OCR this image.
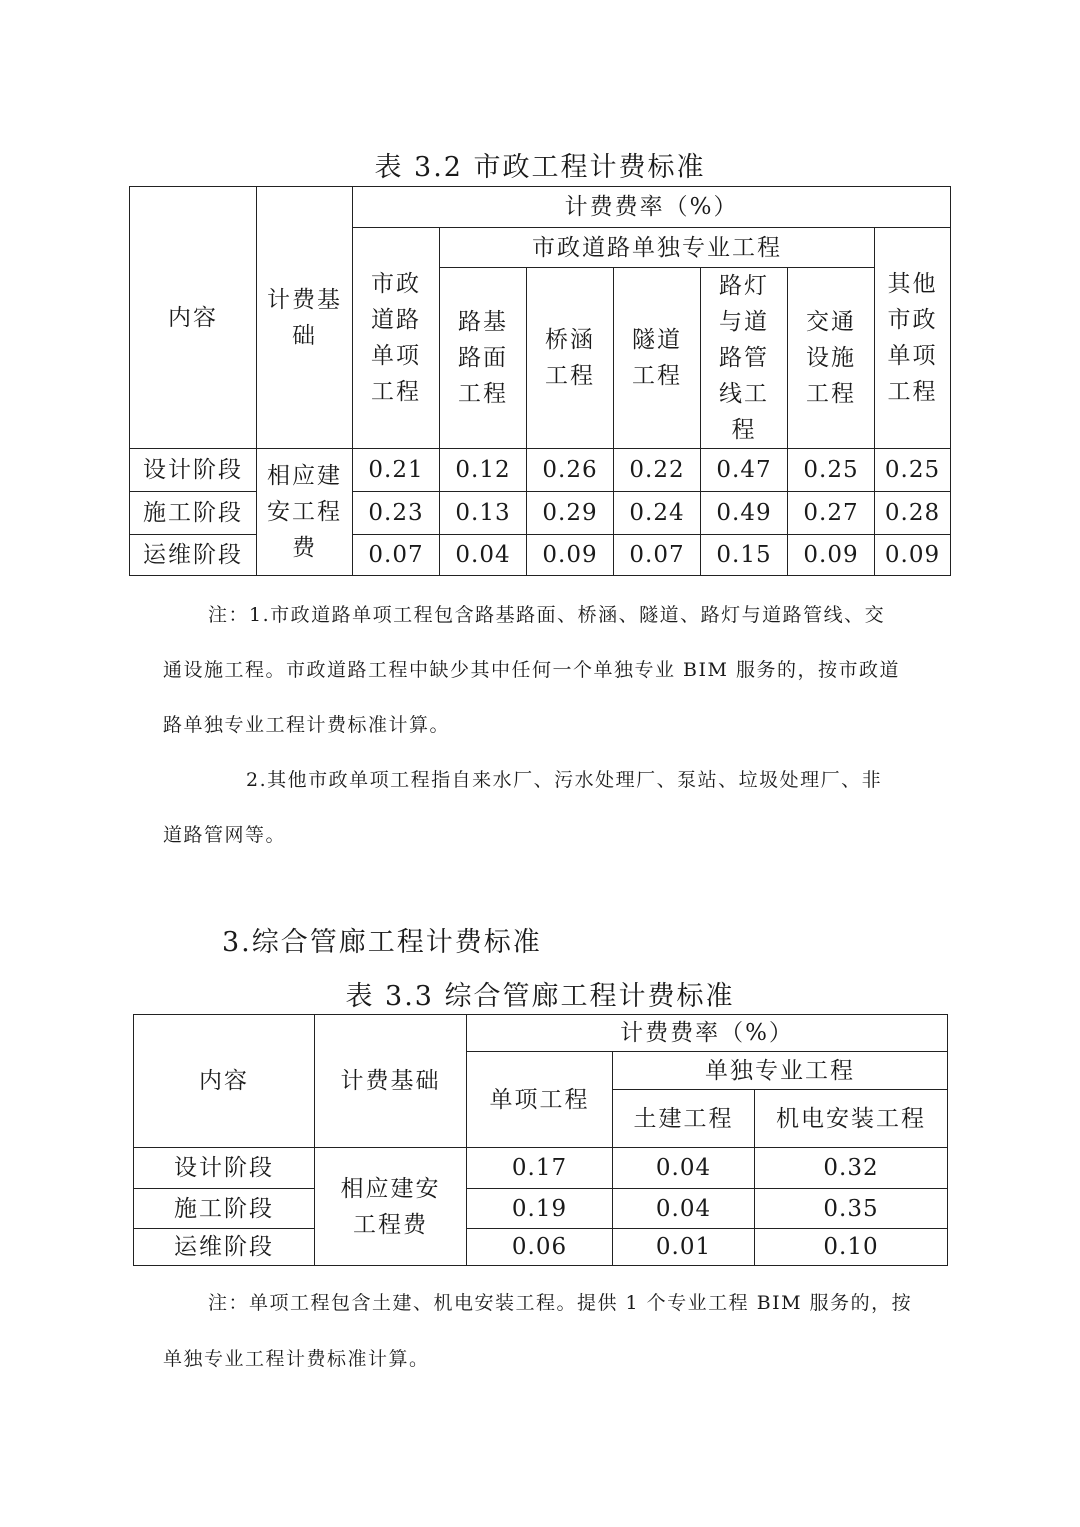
表 3.2 市政工程计费标准
内容	计费基础	计费费率（%）						
		市政道路单项工程	市政道路单独专业工程					其他市政单项工程
			路基路面工程	桥涵工程	隧道工程	路灯与道路管线工程	交通设施工程	
设计阶段	相应建安工程费	0.21	0.12	0.26	0.22	0.47	0.25	0.25
施工阶段		0.23	0.13	0.29	0.24	0.49	0.27	0.28
运维阶段		0.07	0.04	0.09	0.07	0.15	0.09	0.09
注：1.市政道路单项工程包含路基路面、桥涵、隧道、路灯与道路管线、交
通设施工程。市政道路工程中缺少其中任何一个单独专业 BIM 服务的，按市政道
路单独专业工程计费标准计算。
2.其他市政单项工程指自来水厂、污水处理厂、泵站、垃圾处理厂、非
道路管网等。
3.综合管廊工程计费标准
表 3.3 综合管廊工程计费标准
内容	计费基础	计费费率（%）		
		单项工程	单独专业工程	
			土建工程	机电安装工程
设计阶段	相应建安工程费	0.17	0.04	0.32
施工阶段		0.19	0.04	0.35
运维阶段		0.06	0.01	0.10
注：单项工程包含土建、机电安装工程。提供 1 个专业工程 BIM 服务的，按
单独专业工程计费标准计算。
